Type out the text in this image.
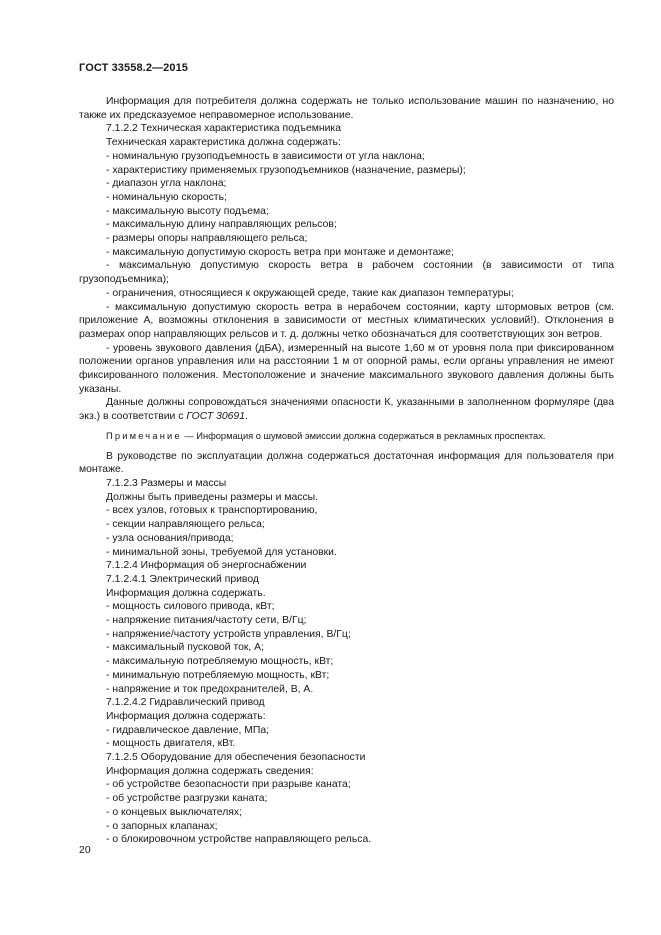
ГОСТ 33558.2—2015

Информация для потребителя должна содержать не только использование машин по назначению, но также их предсказуемое неправомерное использование.

7.1.2.2 Техническая характеристика подъемника

Техническая характеристика должна содержать:

- номинальную грузоподъемность в зависимости от угла наклона;

- характеристику применяемых грузоподъемников (назначение, размеры);

- диапазон угла наклона;

- номинальную скорость;

- максимальную высоту подъема;

- максимальную длину направляющих рельсов;

- размеры опоры направляющего рельса;

- максимальную допустимую скорость ветра при монтаже и демонтаже;

- максимальную допустимую скорость ветра в рабочем состоянии (в зависимости от типа грузоподъемника);

- ограничения, относящиеся к окружающей среде, такие как диапазон температуры;

- максимальную допустимую скорость ветра в нерабочем состоянии, карту штормовых ветров (см. приложение А, возможны отклонения в зависимости от местных климатических условий!). Отклонения в размерах опор направляющих рельсов и т. д. должны четко обозначаться для соответствующих зон ветров.

- уровень звукового давления (дБА), измеренный на высоте 1,60 м от уровня пола при фиксированном положении органов управления или на расстоянии 1 м от опорной рамы, если органы управления не имеют фиксированного положения. Местоположение и значение максимального звукового давления должны быть указаны.

Данные должны сопровождаться значениями опасности К, указанными в заполненном формуляре (два экз.) в соответствии с ГОСТ 30691.

Примечание — Информация о шумовой эмиссии должна содержаться в рекламных проспектах.

В руководстве по эксплуатации должна содержаться достаточная информация для пользователя при монтаже.

7.1.2.3 Размеры и массы

Должны быть приведены размеры и массы.

- всех узлов, готовых к транспортированию,

- секции направляющего рельса;

- узла основания/привода;

- минимальной зоны, требуемой для установки.

7.1.2.4 Информация об энергоснабжении

7.1.2.4.1 Электрический привод

Информация должна содержать.

- мощность силового привода, кВт;

- напряжение питания/частоту сети, В/Гц;

- напряжение/частоту устройств управления, В/Гц;

- максимальный пусковой ток, А;

- максимальную потребляемую мощность, кВт;

- минимальную потребляемую мощность, кВт;

- напряжение и ток предохранителей, В, А.

7.1.2.4.2 Гидравлический привод

Информация должна содержать:

- гидравлическое давление, МПа;

- мощность двигателя, кВт.

7.1.2.5 Оборудование для обеспечения безопасности

Информация должна содержать сведения:

- об устройстве безопасности при разрыве каната;

- об устройстве разгрузки каната;

- о концевых выключателях;

- о запорных клапанах;

- о блокировочном устройстве направляющего рельса.

20
